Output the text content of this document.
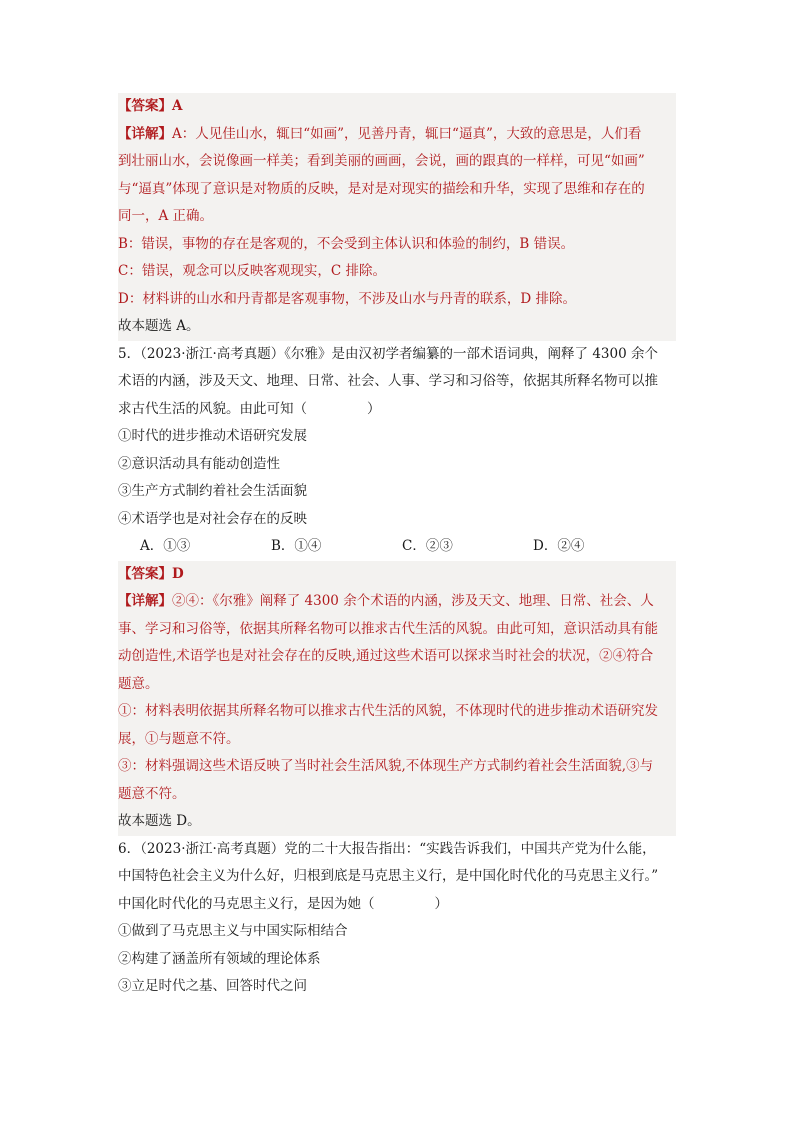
【答案】A
【详解】A：人见佳山水，辄曰“如画”，见善丹青，辄曰“逼真”，大致的意思是，人们看
到壮丽山水，会说像画一样美；看到美丽的画画，会说，画的跟真的一样样，可见“如画”
与“逼真”体现了意识是对物质的反映，是对是对现实的描绘和升华，实现了思维和存在的
同一，A 正确。
B：错误，事物的存在是客观的，不会受到主体认识和体验的制约，B 错误。
C：错误，观念可以反映客观现实，C 排除。
D：材料讲的山水和丹青都是客观事物，不涉及山水与丹青的联系，D 排除。
故本题选 A。
5．（2023·浙江·高考真题）《尔雅》是由汉初学者编纂的一部术语词典，阐释了 4300 余个
术语的内涵，涉及天文、地理、日常、社会、人事、学习和习俗等，依据其所释名物可以推
求古代生活的风貌。由此可知（	）
①时代的进步推动术语研究发展
②意识活动具有能动创造性
③生产方式制约着社会生活面貌
④术语学也是对社会存在的反映
A．①③	B．①④	C．②③	D．②④
【答案】D
【详解】②④：《尔雅》阐释了 4300 余个术语的内涵，涉及天文、地理、日常、社会、人
事、学习和习俗等，依据其所释名物可以推求古代生活的风貌。由此可知，意识活动具有能
动创造性,术语学也是对社会存在的反映,通过这些术语可以探求当时社会的状况，②④符合
题意。
①：材料表明依据其所释名物可以推求古代生活的风貌，不体现时代的进步推动术语研究发
展，①与题意不符。
③：材料强调这些术语反映了当时社会生活风貌,不体现生产方式制约着社会生活面貌,③与
题意不符。
故本题选 D。
6．（2023·浙江·高考真题）党的二十大报告指出：“实践告诉我们，中国共产党为什么能，
中国特色社会主义为什么好，归根到底是马克思主义行，是中国化时代化的马克思主义行。”
中国化时代化的马克思主义行，是因为她（	）
①做到了马克思主义与中国实际相结合
②构建了涵盖所有领域的理论体系
③立足时代之基、回答时代之问
